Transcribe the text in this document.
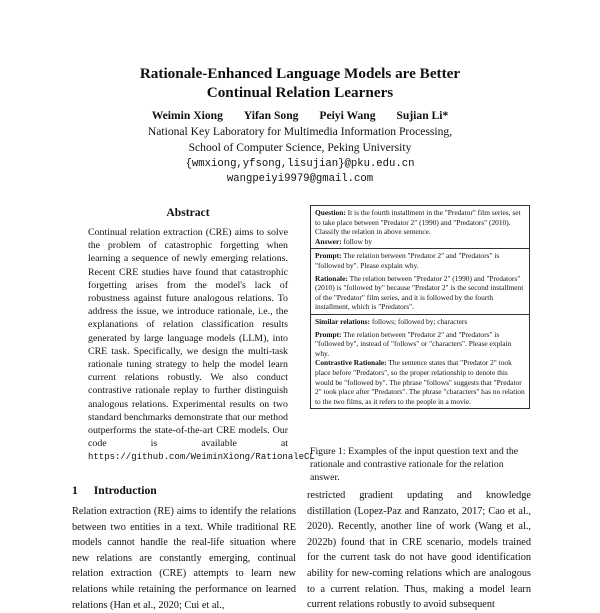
Rationale-Enhanced Language Models are Better
Continual Relation Learners
Weimin Xiong Yifan Song Peiyi Wang Sujian Li*
National Key Laboratory for Multimedia Information Processing,
School of Computer Science, Peking University
{wmxiong,yfsong,lisujian}@pku.edu.cn
wangpeiyi9979@gmail.com
Abstract
Continual relation extraction (CRE) aims to solve the problem of catastrophic forgetting when learning a sequence of newly emerging relations. Recent CRE studies have found that catastrophic forgetting arises from the model's lack of robustness against future analogous relations. To address the issue, we introduce rationale, i.e., the explanations of relation classification results generated by large language models (LLM), into CRE task. Specifically, we design the multi-task rationale tuning strategy to help the model learn current relations robustly. We also conduct contrastive rationale replay to further distinguish analogous relations. Experimental results on two standard benchmarks demonstrate that our method outperforms the state-of-the-art CRE models. Our code is available at https://github.com/WeiminXiong/RationaleCL
1 Introduction
Relation extraction (RE) aims to identify the relations between two entities in a text. While traditional RE models cannot handle the real-life situation where new relations are constantly emerging, continual relation extraction (CRE) attempts to learn new relations while retaining the performance on learned relations (Han et al., 2020; Cui et al.,
restricted gradient updating and knowledge distillation (Lopez-Paz and Ranzato, 2017; Cao et al., 2020). Recently, another line of work (Wang et al., 2022b) found that in CRE scenario, models trained for the current task do not have good identification ability for new-coming relations which are analogous to a current relation. Thus, making a model learn current relations robustly to avoid subsequent
Question: It is the fourth installment in the "Predator" film series, set to take place between "Predator 2" (1990) and "Predators" (2010). Classify the relation in above sentence.
Answer: follow by
Prompt: The relation between "Predator 2" and "Predators" is "followed by". Please explain why.
Rationale: The relation between "Predator 2" (1990) and "Predators" (2010) is "followed by" because "Predator 2" is the second installment of the "Predator" film series, and it is followed by the fourth installment, which is "Predators".
Similar relations: follows; followed by; characters
Prompt: The relation between "Predator 2" and "Predators" is "followed by", instead of "follows" or "characters". Please explain why.
Contrastive Rationale: The sentence states that "Predator 2" took place before "Predators", so the proper relationship to denote this would be "followed by". The phrase "follows" suggests that "Predator 2" took place after "Predators". The phrase "characters" has no relation to the two films, as it refers to the people in a movie.
Figure 1: Examples of the input question text and the rationale and contrastive rationale for the relation answer.
